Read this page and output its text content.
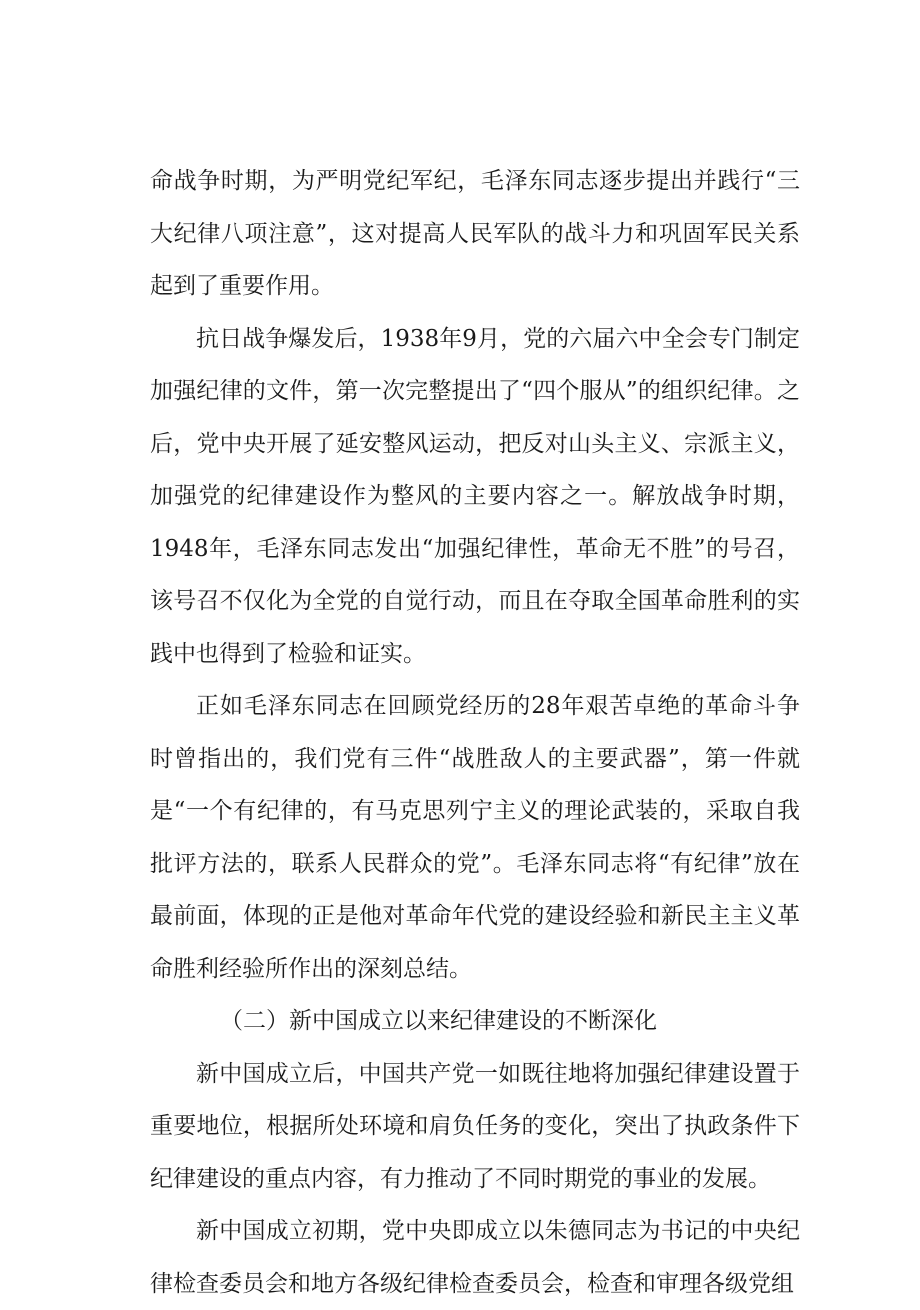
命战争时期，为严明党纪军纪，毛泽东同志逐步提出并践行“三大纪律八项注意”，这对提高人民军队的战斗力和巩固军民关系起到了重要作用。

抗日战争爆发后，1938年9月，党的六届六中全会专门制定加强纪律的文件，第一次完整提出了“四个服从”的组织纪律。之后，党中央开展了延安整风运动，把反对山头主义、宗派主义，加强党的纪律建设作为整风的主要内容之一。解放战争时期，1948年，毛泽东同志发出“加强纪律性，革命无不胜”的号召，该号召不仅化为全党的自觉行动，而且在夺取全国革命胜利的实践中也得到了检验和证实。

正如毛泽东同志在回顾党经历的28年艰苦卓绝的革命斗争时曾指出的，我们党有三件“战胜敌人的主要武器”，第一件就是“一个有纪律的，有马克思列宁主义的理论武装的，采取自我批评方法的，联系人民群众的党”。毛泽东同志将“有纪律”放在最前面，体现的正是他对革命年代党的建设经验和新民主主义革命胜利经验所作出的深刻总结。

（二）新中国成立以来纪律建设的不断深化

新中国成立后，中国共产党一如既往地将加强纪律建设置于重要地位，根据所处环境和肩负任务的变化，突出了执政条件下纪律建设的重点内容，有力推动了不同时期党的事业的发展。

新中国成立初期，党中央即成立以朱德同志为书记的中央纪律检查委员会和地方各级纪律检查委员会，检查和审理各级党组
